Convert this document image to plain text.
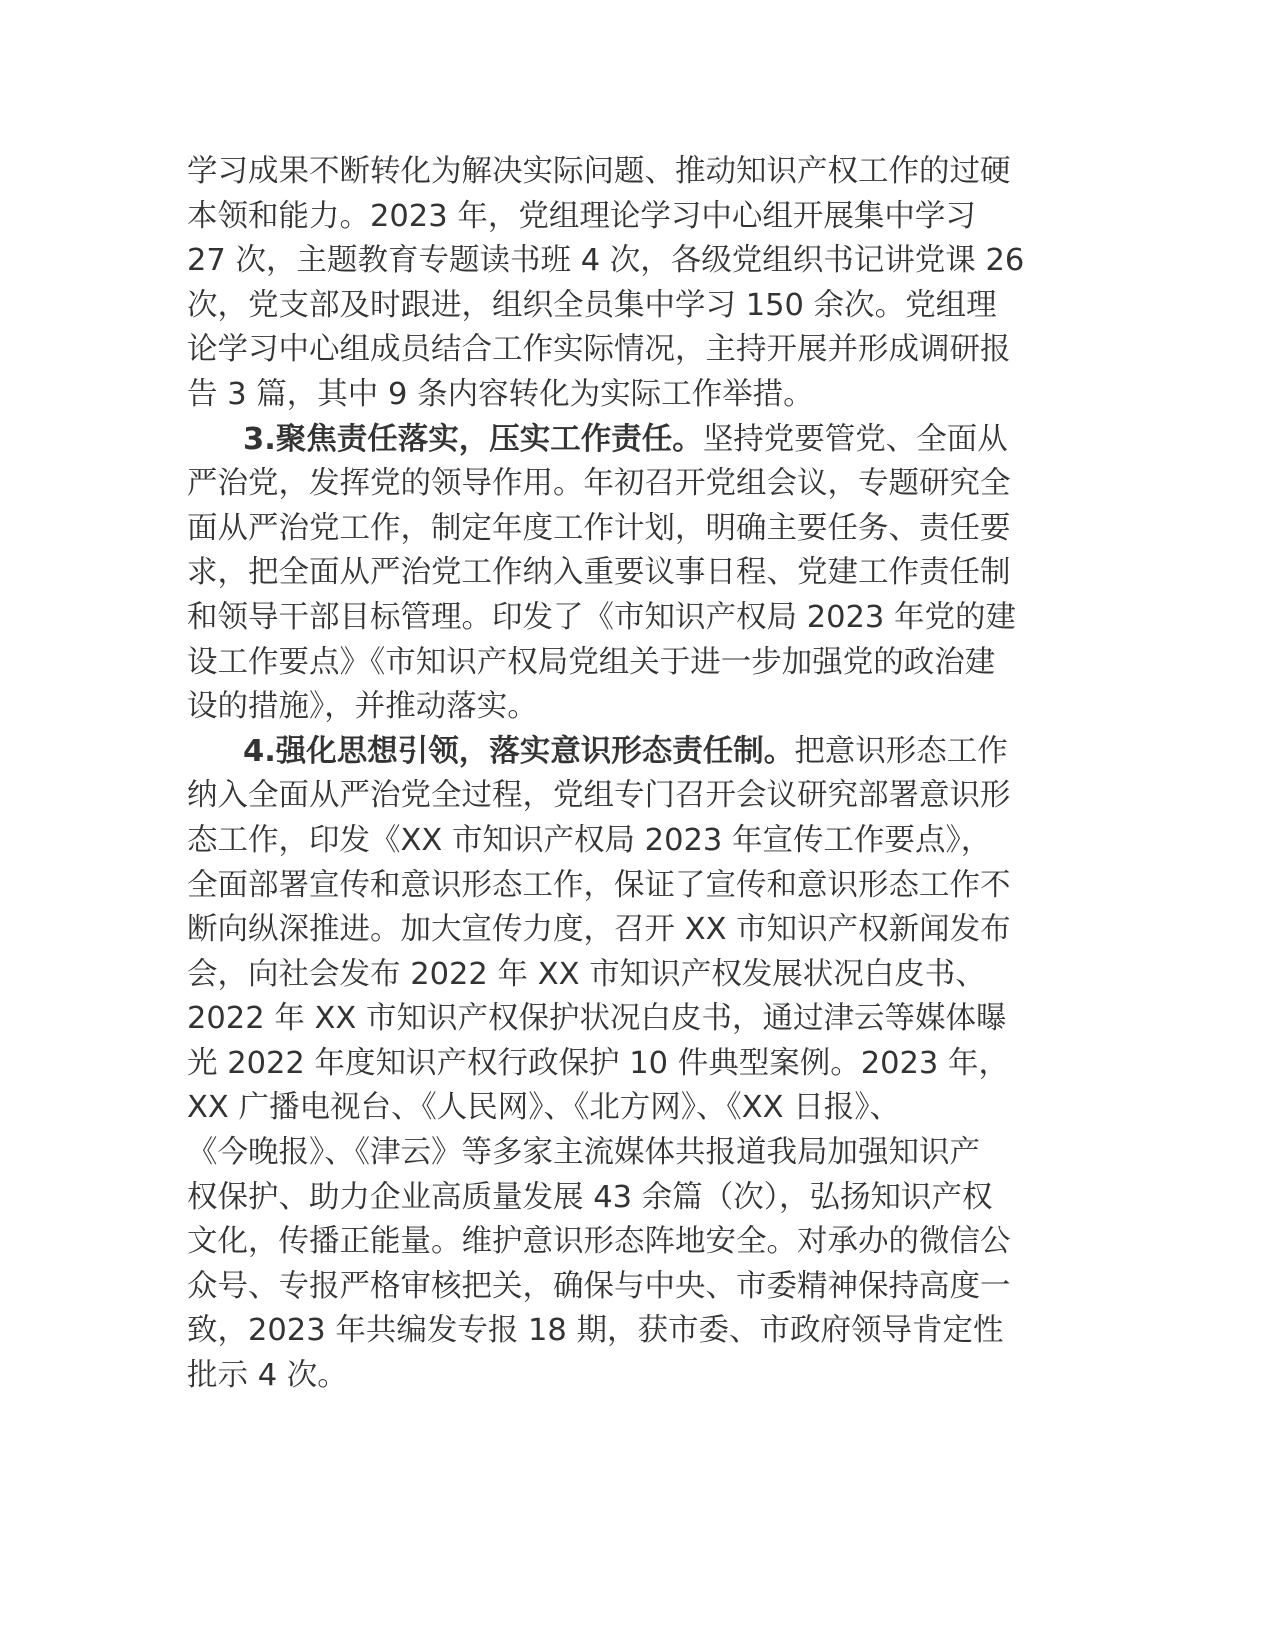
学习成果不断转化为解决实际问题、推动知识产权工作的过硬
本领和能力。2023 年，党组理论学习中心组开展集中学习
27 次，主题教育专题读书班 4 次，各级党组织书记讲党课 26
次，党支部及时跟进，组织全员集中学习 150 余次。党组理
论学习中心组成员结合工作实际情况，主持开展并形成调研报
告 3 篇，其中 9 条内容转化为实际工作举措。
3.聚焦责任落实，压实工作责任。坚持党要管党、全面从
严治党，发挥党的领导作用。年初召开党组会议，专题研究全
面从严治党工作，制定年度工作计划，明确主要任务、责任要
求，把全面从严治党工作纳入重要议事日程、党建工作责任制
和领导干部目标管理。印发了《市知识产权局 2023 年党的建
设工作要点》《市知识产权局党组关于进一步加强党的政治建
设的措施》，并推动落实。
4.强化思想引领，落实意识形态责任制。把意识形态工作
纳入全面从严治党全过程，党组专门召开会议研究部署意识形
态工作，印发《XX 市知识产权局 2023 年宣传工作要点》，
全面部署宣传和意识形态工作，保证了宣传和意识形态工作不
断向纵深推进。加大宣传力度，召开 XX 市知识产权新闻发布
会，向社会发布 2022 年 XX 市知识产权发展状况白皮书、
2022 年 XX 市知识产权保护状况白皮书，通过津云等媒体曝
光 2022 年度知识产权行政保护 10 件典型案例。2023 年，
XX 广播电视台、《人民网》、《北方网》、《XX 日报》、
《今晚报》、《津云》等多家主流媒体共报道我局加强知识产
权保护、助力企业高质量发展 43 余篇（次），弘扬知识产权
文化，传播正能量。维护意识形态阵地安全。对承办的微信公
众号、专报严格审核把关，确保与中央、市委精神保持高度一
致，2023 年共编发专报 18 期，获市委、市政府领导肯定性
批示 4 次。
